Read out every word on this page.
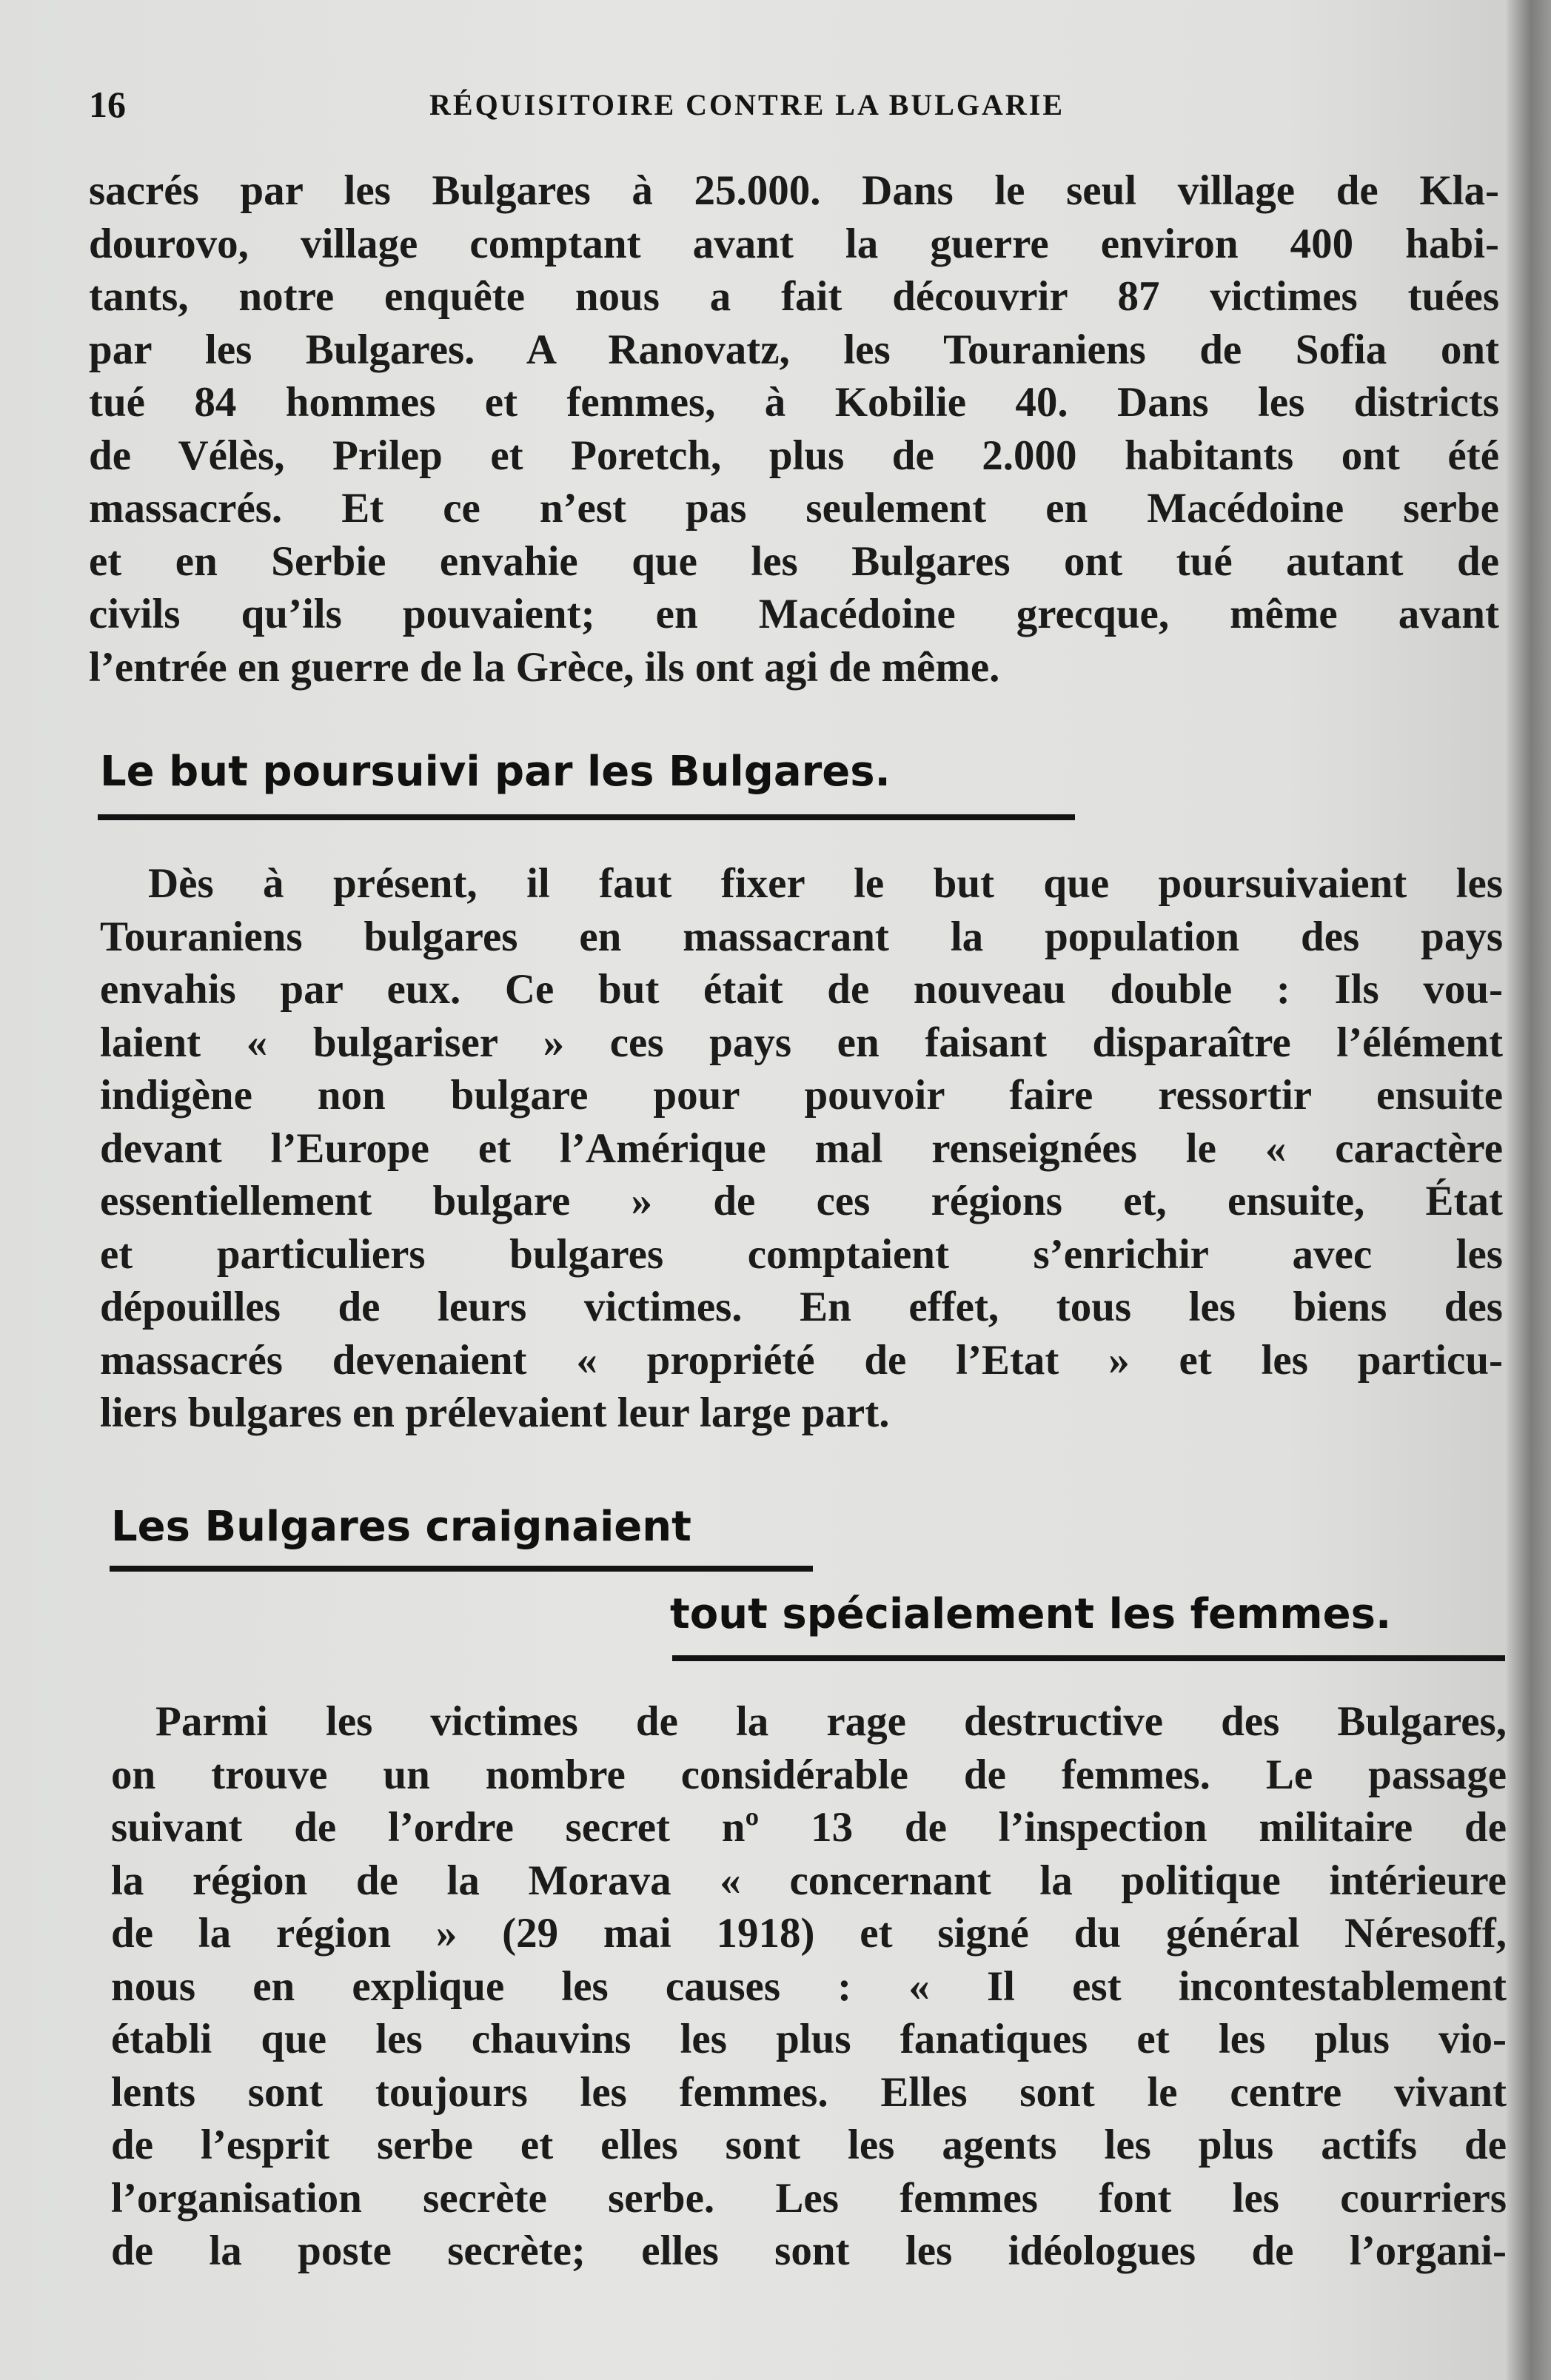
16	RÉQUISITOIRE CONTRE LA BULGARIE
sacrés par les Bulgares à 25.000. Dans le seul village de Kla-
dourovo, village comptant avant la guerre environ 400 habi-
tants, notre enquête nous a fait découvrir 87 victimes tuées
par les Bulgares. A Ranovatz, les Touraniens de Sofia ont
tué 84 hommes et femmes, à Kobilie 40. Dans les districts
de Vélès, Prilep et Poretch, plus de 2.000 habitants ont été
massacrés. Et ce n’est pas seulement en Macédoine serbe
et en Serbie envahie que les Bulgares ont tué autant de
civils qu’ils pouvaient; en Macédoine grecque, même avant
l’entrée en guerre de la Grèce, ils ont agi de même.
Le but poursuivi par les Bulgares.
Dès à présent, il faut fixer le but que poursuivaient les
Touraniens bulgares en massacrant la population des pays
envahis par eux. Ce but était de nouveau double : Ils vou-
laient « bulgariser » ces pays en faisant disparaître l’élément
indigène non bulgare pour pouvoir faire ressortir ensuite
devant l’Europe et l’Amérique mal renseignées le « caractère
essentiellement bulgare » de ces régions et, ensuite, État
et particuliers bulgares comptaient s’enrichir avec les
dépouilles de leurs victimes. En effet, tous les biens des
massacrés devenaient « propriété de l’Etat » et les particu-
liers bulgares en prélevaient leur large part.
Les Bulgares craignaient
tout spécialement les femmes.
Parmi les victimes de la rage destructive des Bulgares,
on trouve un nombre considérable de femmes. Le passage
suivant de l’ordre secret nº 13 de l’inspection militaire de
la région de la Morava « concernant la politique intérieure
de la région » (29 mai 1918) et signé du général Néresoff,
nous en explique les causes : « Il est incontestablement
établi que les chauvins les plus fanatiques et les plus vio-
lents sont toujours les femmes. Elles sont le centre vivant
de l’esprit serbe et elles sont les agents les plus actifs de
l’organisation secrète serbe. Les femmes font les courriers
de la poste secrète; elles sont les idéologues de l’organi-
